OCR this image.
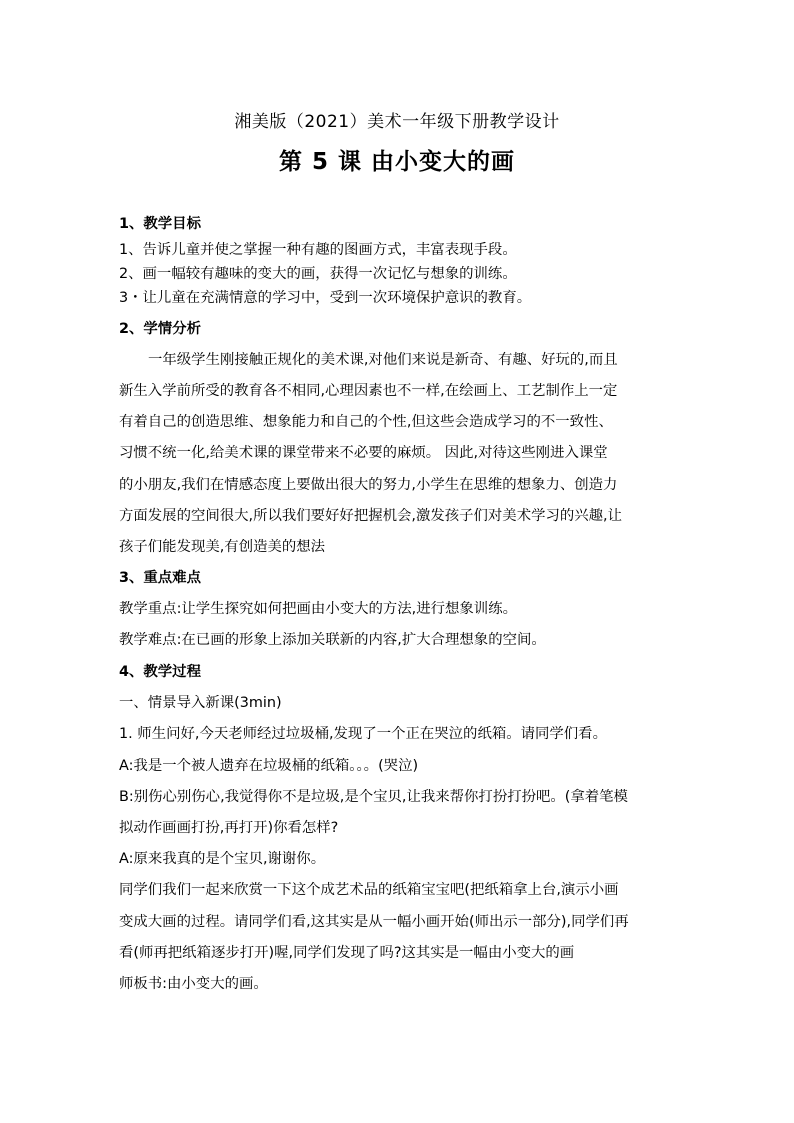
湘美版（2021）美术一年级下册教学设计
第 5 课 由小变大的画
1、教学目标
1、告诉儿童并使之掌握一种有趣的图画方式，丰富表现手段。
2、画一幅较有趣味的变大的画，获得一次记忆与想象的训练。
3・让儿童在充满情意的学习中，受到一次环境保护意识的教育。
2、学情分析
一年级学生刚接触正规化的美术课,对他们来说是新奇、有趣、好玩的,而且
新生入学前所受的教育各不相同,心理因素也不一样,在绘画上、工艺制作上一定
有着自己的创造思维、想象能力和自己的个性,但这些会造成学习的不一致性、
习惯不统一化,给美术课的课堂带来不必要的麻烦。 因此,对待这些刚进入课堂
的小朋友,我们在情感态度上要做出很大的努力,小学生在思维的想象力、创造力
方面发展的空间很大,所以我们要好好把握机会,激发孩子们对美术学习的兴趣,让
孩子们能发现美,有创造美的想法
3、重点难点
教学重点:让学生探究如何把画由小变大的方法,进行想象训练。
教学难点:在已画的形象上添加关联新的内容,扩大合理想象的空间。
4、教学过程
一、情景导入新课(3min)
1. 师生问好,今天老师经过垃圾桶,发现了一个正在哭泣的纸箱。请同学们看。
A:我是一个被人遗弃在垃圾桶的纸箱。。。(哭泣)
B:别伤心别伤心,我觉得你不是垃圾,是个宝贝,让我来帮你打扮打扮吧。(拿着笔模
拟动作画画打扮,再打开)你看怎样?
A:原来我真的是个宝贝,谢谢你。
同学们我们一起来欣赏一下这个成艺术品的纸箱宝宝吧(把纸箱拿上台,演示小画
变成大画的过程。请同学们看,这其实是从一幅小画开始(师出示一部分),同学们再
看(师再把纸箱逐步打开)喔,同学们发现了吗?这其实是一幅由小变大的画
师板书:由小变大的画。
